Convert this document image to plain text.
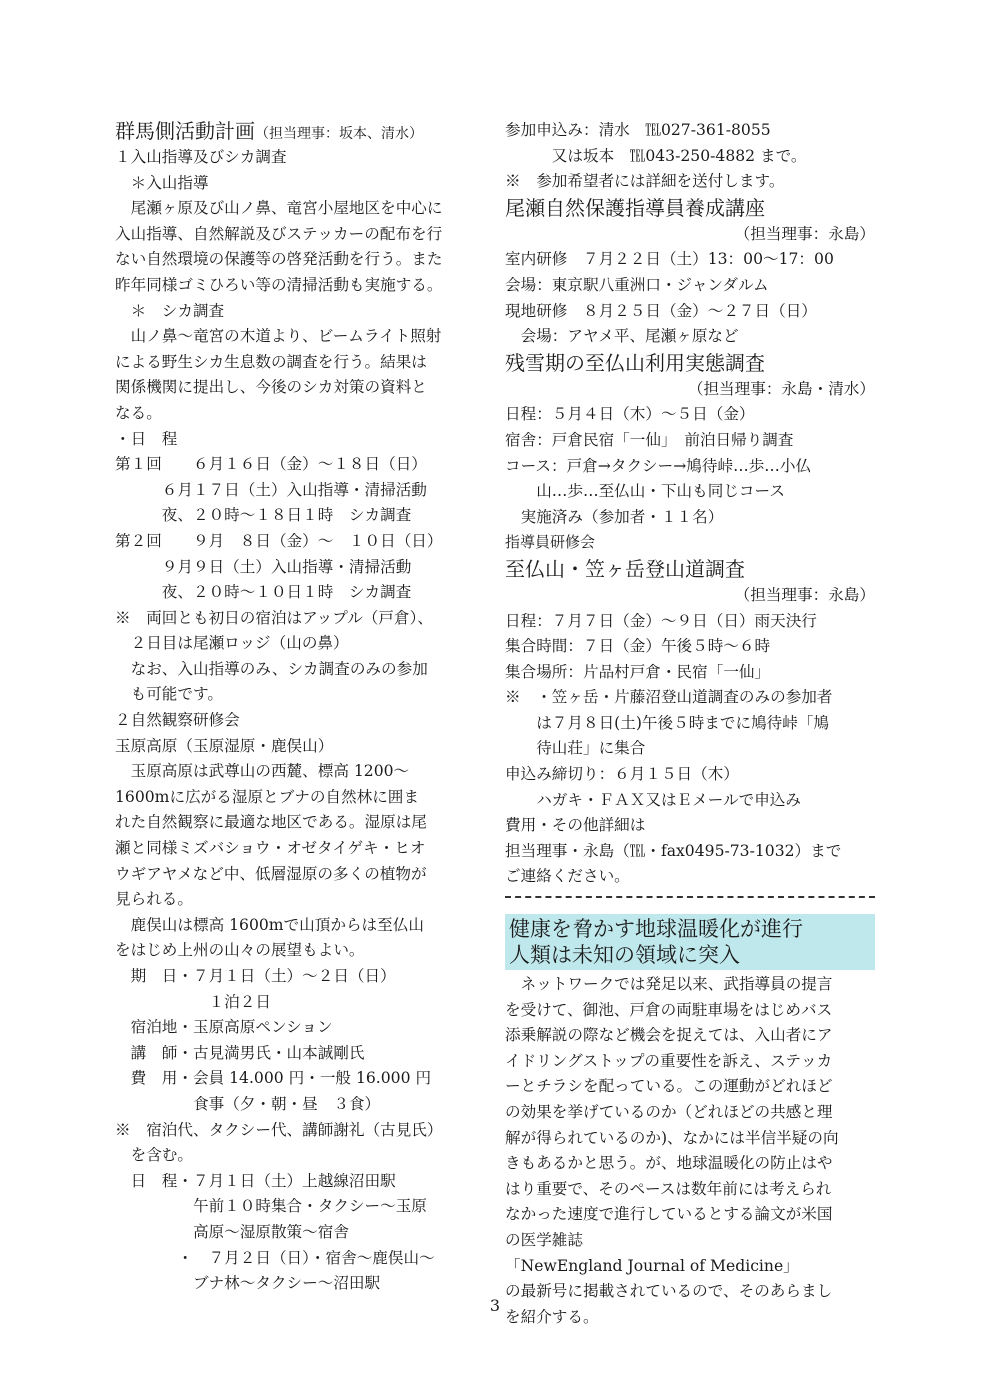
群馬側活動計画（担当理事：坂本、清水）
１入山指導及びシカ調査
　＊入山指導
　尾瀬ヶ原及び山ノ鼻、竜宮小屋地区を中心に
入山指導、自然解説及びステッカーの配布を行
ない自然環境の保護等の啓発活動を行う。また
昨年同様ゴミひろい等の清掃活動も実施する。
　＊　シカ調査
　山ノ鼻～竜宮の木道より、ビームライト照射
による野生シカ生息数の調査を行う。結果は
関係機関に提出し、今後のシカ対策の資料と
なる。
・日　程
第１回　　６月１６日（金）～１８日（日）
　　　６月１７日（土）入山指導・清掃活動
　　　夜、２０時～１８日１時　シカ調査
第２回　　９月　８日（金）～　１０日（日）
　　　９月９日（土）入山指導・清掃活動
　　　夜、２０時～１０日１時　シカ調査
※　両回とも初日の宿泊はアップル（戸倉）、
　２日目は尾瀬ロッジ（山の鼻）
　なお、入山指導のみ、シカ調査のみの参加
　も可能です。
２自然観察研修会
玉原高原（玉原湿原・鹿俣山）
　玉原高原は武尊山の西麓、標高 1200～
1600mに広がる湿原とブナの自然林に囲ま
れた自然観察に最適な地区である。湿原は尾
瀬と同様ミズバショウ・オゼタイゲキ・ヒオ
ウギアヤメなど中、低層湿原の多くの植物が
見られる。
　鹿俣山は標高 1600mで山頂からは至仏山
をはじめ上州の山々の展望もよい。
　期　日・７月１日（土）～２日（日）
　　　　　　１泊２日
　宿泊地・玉原高原ペンション
　講　師・古見満男氏・山本誠剛氏
　費　用・会員 14.000 円・一般 16.000 円
　　　　　食事（夕・朝・昼　３食）
※　宿泊代、タクシー代、講師謝礼（古見氏）
　を含む。
　日　程・７月１日（土）上越線沼田駅
　　　　　午前１０時集合・タクシー～玉原
　　　　　高原～湿原散策～宿舎
　　　　・　７月２日（日）・宿舎～鹿俣山～
　　　　　ブナ林～タクシー～沼田駅
参加申込み：清水　℡027-361-8055
　　　又は坂本　℡043-250-4882 まで。
※　参加希望者には詳細を送付します。
尾瀬自然保護指導員養成講座
（担当理事：永島）
室内研修　７月２２日（土）13：00～17：00
会場：東京駅八重洲口・ジャンダルム
現地研修　８月２５日（金）～２７日（日）
　会場：アヤメ平、尾瀬ヶ原など
残雪期の至仏山利用実態調査
（担当理事：永島・清水）
日程：５月４日（木）～５日（金）
宿舎：戸倉民宿「一仙」　前泊日帰り調査
コース：戸倉→タクシー→鳩待峠…歩…小仏
　　山…歩…至仏山・下山も同じコース
　実施済み（参加者・１１名）
指導員研修会
至仏山・笠ヶ岳登山道調査
（担当理事：永島）
日程：７月７日（金）～９日（日）雨天決行
集合時間：７日（金）午後５時～６時
集合場所：片品村戸倉・民宿「一仙」
※　・笠ヶ岳・片藤沼登山道調査のみの参加者
　　は７月８日(土)午後５時までに鳩待峠「鳩
　　待山荘」に集合
申込み締切り：６月１５日（木）
　　ハガキ・ＦＡＸ又はＥメールで申込み
費用・その他詳細は
担当理事・永島（℡・fax0495-73-1032）まで
ご連絡ください。
健康を脅かす地球温暖化が進行
人類は未知の領域に突入
　ネットワークでは発足以来、武指導員の提言
を受けて、御池、戸倉の両駐車場をはじめバス
添乗解説の際など機会を捉えては、入山者にア
イドリングストップの重要性を訴え、ステッカ
ーとチラシを配っている。この運動がどれほど
の効果を挙げているのか（どれほどの共感と理
解が得られているのか)、なかには半信半疑の向
きもあるかと思う。が、地球温暖化の防止はや
はり重要で、そのペースは数年前には考えられ
なかった速度で進行しているとする論文が米国
の医学雑誌
「NewEngland Journal of Medicine」
の最新号に掲載されているので、そのあらまし
を紹介する。
3
